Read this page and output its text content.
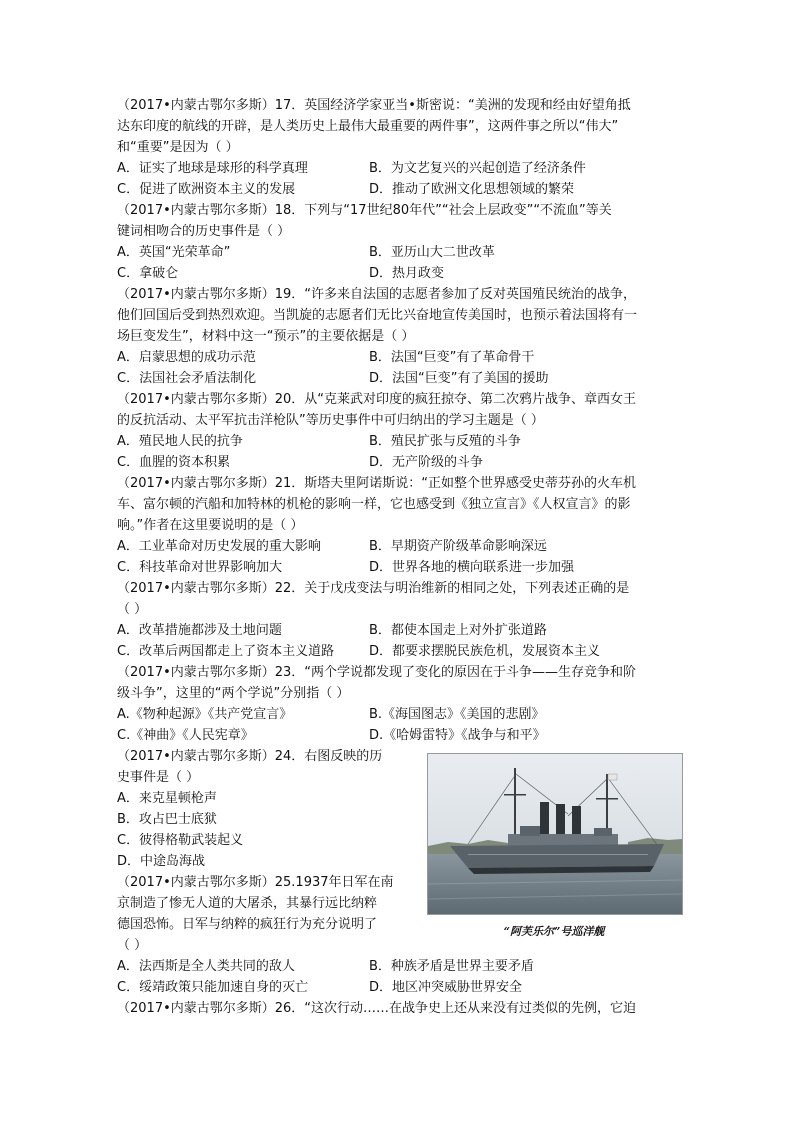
（2017•内蒙古鄂尔多斯）17．英国经济学家亚当•斯密说：“美洲的发现和经由好望角抵
达东印度的航线的开辟，是人类历史上最伟大最重要的两件事”，这两件事之所以“伟大”
和“重要”是因为（ ）
A．证实了地球是球形的科学真理	B．为文艺复兴的兴起创造了经济条件
C．促进了欧洲资本主义的发展	D．推动了欧洲文化思想领域的繁荣
（2017•内蒙古鄂尔多斯）18．下列与“17世纪80年代”“社会上层政变”“不流血”等关
键词相吻合的历史事件是（ ）
A．英国“光荣革命”	B．亚历山大二世改革
C．拿破仑	D．热月政变
（2017•内蒙古鄂尔多斯）19．“许多来自法国的志愿者参加了反对英国殖民统治的战争，
他们回国后受到热烈欢迎。当凯旋的志愿者们无比兴奋地宣传美国时，也预示着法国将有一
场巨变发生”，材料中这一“预示”的主要依据是（ ）
A．启蒙思想的成功示范	B．法国“巨变”有了革命骨干
C．法国社会矛盾法制化	D．法国“巨变”有了美国的援助
（2017•内蒙古鄂尔多斯）20．从“克莱武对印度的疯狂掠夺、第二次鸦片战争、章西女王
的反抗活动、太平军抗击洋枪队”等历史事件中可归纳出的学习主题是（ ）
A．殖民地人民的抗争	B．殖民扩张与反殖的斗争
C．血腥的资本积累	D．无产阶级的斗争
（2017•内蒙古鄂尔多斯）21．斯塔夫里阿诺斯说：“正如整个世界感受史蒂芬孙的火车机
车、富尔顿的汽船和加特林的机枪的影响一样，它也感受到《独立宣言》《人权宣言》的影
响。”作者在这里要说明的是（ ）
A．工业革命对历史发展的重大影响	B．早期资产阶级革命影响深远
C．科技革命对世界影响加大	D．世界各地的横向联系进一步加强
（2017•内蒙古鄂尔多斯）22．关于戊戌变法与明治维新的相同之处，下列表述正确的是
（ ）
A．改革措施都涉及土地问题	B．都使本国走上对外扩张道路
C．改革后两国都走上了资本主义道路	D．都要求摆脱民族危机，发展资本主义
（2017•内蒙古鄂尔多斯）23．“两个学说都发现了变化的原因在于斗争——生存竞争和阶
级斗争”，这里的“两个学说”分别指（ ）
A.《物种起源》《共产党宣言》	B.《海国图志》《美国的悲剧》
C.《神曲》《人民宪章》	D.《哈姆雷特》《战争与和平》
（2017•内蒙古鄂尔多斯）24．右图反映的历
史事件是（ ）
A．来克星顿枪声
B．攻占巴士底狱
C．彼得格勒武装起义
D．中途岛海战
（2017•内蒙古鄂尔多斯）25.1937年日军在南
京制造了惨无人道的大屠杀，其暴行远比纳粹
德国恐怖。日军与纳粹的疯狂行为充分说明了
（ ）
“阿芙乐尔”号巡洋舰
A．法西斯是全人类共同的敌人	B．种族矛盾是世界主要矛盾
C．绥靖政策只能加速自身的灭亡	D．地区冲突威胁世界安全
（2017•内蒙古鄂尔多斯）26．“这次行动……在战争史上还从来没有过类似的先例，它迫
